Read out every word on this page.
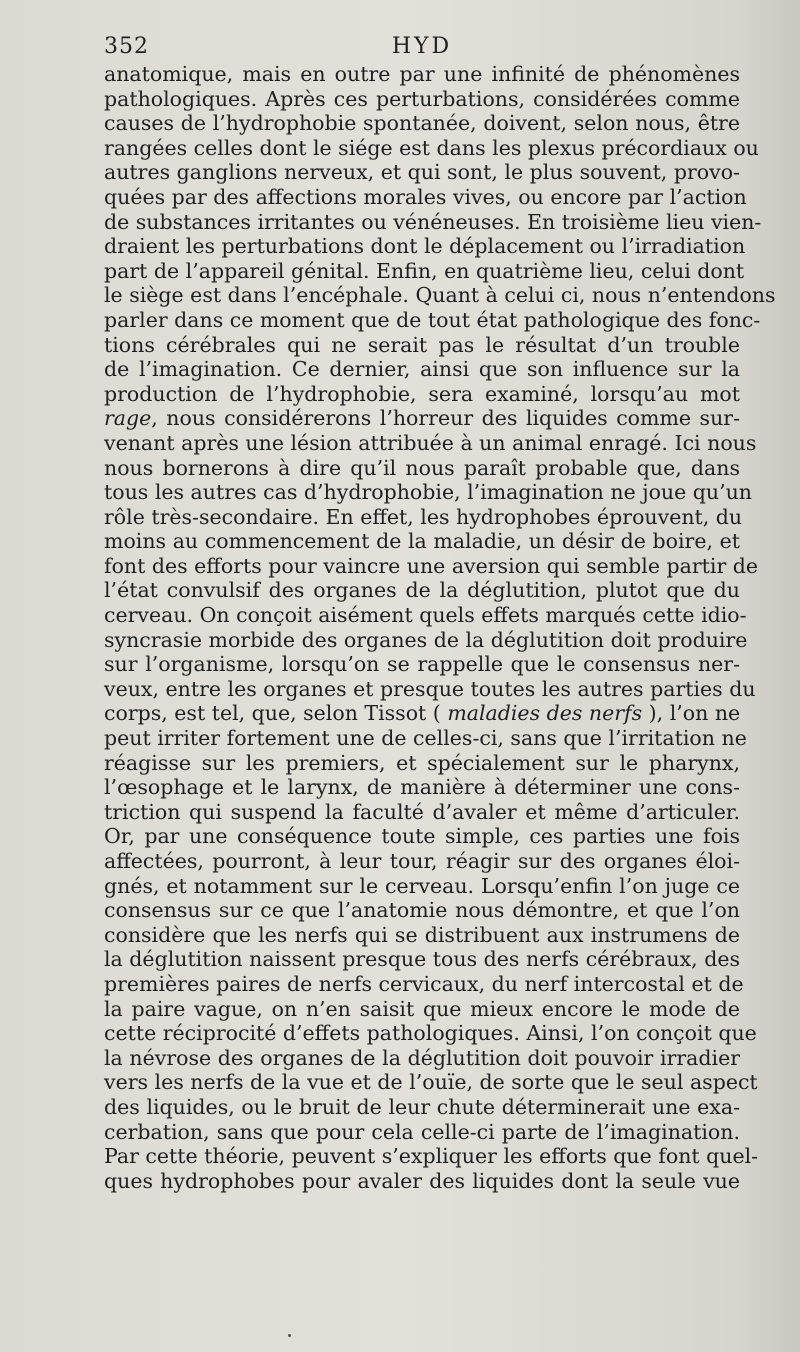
352	HYD
anatomique, mais en outre par une infinité de phénomènes
pathologiques. Après ces perturbations, considérées comme
causes de l’hydrophobie spontanée, doivent, selon nous, être
rangées celles dont le siége est dans les plexus précordiaux ou
autres ganglions nerveux, et qui sont, le plus souvent, provo-
quées par des affections morales vives, ou encore par l’action
de substances irritantes ou vénéneuses. En troisième lieu vien-
draient les perturbations dont le déplacement ou l’irradiation
part de l’appareil génital. Enfin, en quatrième lieu, celui dont
le siège est dans l’encéphale. Quant à celui ci, nous n’entendons
parler dans ce moment que de tout état pathologique des fonc-
tions cérébrales qui ne serait pas le résultat d’un trouble
de l’imagination. Ce dernier, ainsi que son influence sur la
production de l’hydrophobie, sera examiné, lorsqu’au mot
rage, nous considérerons l’horreur des liquides comme sur-
venant après une lésion attribuée à un animal enragé. Ici nous
nous bornerons à dire qu’il nous paraît probable que, dans
tous les autres cas d’hydrophobie, l’imagination ne joue qu’un
rôle très-secondaire. En effet, les hydrophobes éprouvent, du
moins au commencement de la maladie, un désir de boire, et
font des efforts pour vaincre une aversion qui semble partir de
l’état convulsif des organes de la déglutition, plutot que du
cerveau. On conçoit aisément quels effets marqués cette idio-
syncrasie morbide des organes de la déglutition doit produire
sur l’organisme, lorsqu’on se rappelle que le consensus ner-
veux, entre les organes et presque toutes les autres parties du
corps, est tel, que, selon Tissot ( maladies des nerfs ), l’on ne
peut irriter fortement une de celles-ci, sans que l’irritation ne
réagisse sur les premiers, et spécialement sur le pharynx,
l’œsophage et le larynx, de manière à déterminer une cons-
triction qui suspend la faculté d’avaler et même d’articuler.
Or, par une conséquence toute simple, ces parties une fois
affectées, pourront, à leur tour, réagir sur des organes éloi-
gnés, et notamment sur le cerveau. Lorsqu’enfin l’on juge ce
consensus sur ce que l’anatomie nous démontre, et que l’on
considère que les nerfs qui se distribuent aux instrumens de
la déglutition naissent presque tous des nerfs cérébraux, des
premières paires de nerfs cervicaux, du nerf intercostal et de
la paire vague, on n’en saisit que mieux encore le mode de
cette réciprocité d’effets pathologiques. Ainsi, l’on conçoit que
la névrose des organes de la déglutition doit pouvoir irradier
vers les nerfs de la vue et de l’ouïe, de sorte que le seul aspect
des liquides, ou le bruit de leur chute déterminerait une exa-
cerbation, sans que pour cela celle-ci parte de l’imagination.
Par cette théorie, peuvent s’expliquer les efforts que font quel-
ques hydrophobes pour avaler des liquides dont la seule vue
